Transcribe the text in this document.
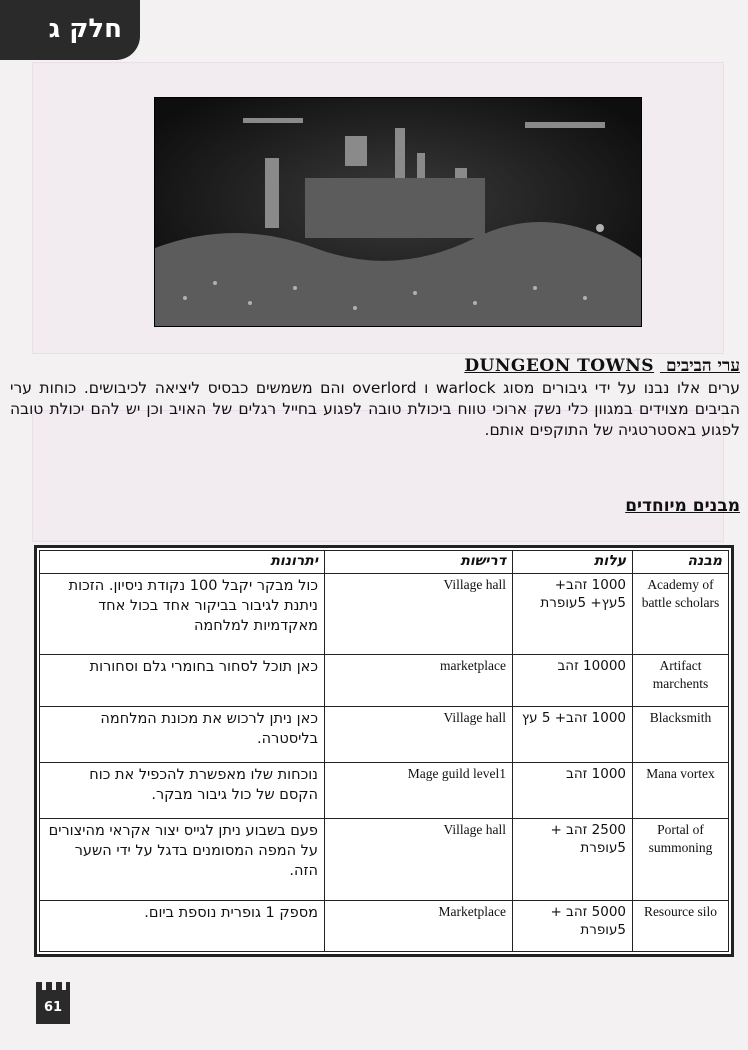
חלק ג
ערי הביבים DUNGEON TOWNS
ערים אלו נבנו על ידי גיבורים מסוג warlock ו overlord והם משמשים כבסיס ליציאה לכיבושים. כוחות ערי הביבים מצוידים במגוון כלי נשק ארוכי טווח ביכולת טובה לפגוע בחייל רגלים של האויב וכן יש להם יכולת טובה לפגוע באסטרטגיה של התוקפים אותם.
מבנים מיוחדים
מבנה	עלות	דרישות	יתרונות
Academy of battle scholars	1000 זהב+ 5עץ+ 5עופרת	Village hall	כול מבקר יקבל 100 נקודת ניסיון. הזכות ניתנת לגיבור בביקור אחד בכול אחד מאקדמיות למלחמה
Artifact marchents	10000 זהב	marketplace	כאן תוכל לסחור בחומרי גלם וסחורות
Blacksmith	1000 זהב+ 5 עץ	Village hall	כאן ניתן לרכוש את מכונת המלחמה בליסטרה.
Mana vortex	1000 זהב	Mage guild level1	נוכחות שלו מאפשרת להכפיל את כוח הקסם של כול גיבור מבקר.
Portal of summoning	2500 זהב + 5עופרת	Village hall	פעם בשבוע ניתן לגייס יצור אקראי מהיצורים על המפה המסומנים בדגל על ידי השער הזה.
Resource silo	5000 זהב + 5עופרת	Marketplace	מספק 1 גופרית נוספת ביום.
61
